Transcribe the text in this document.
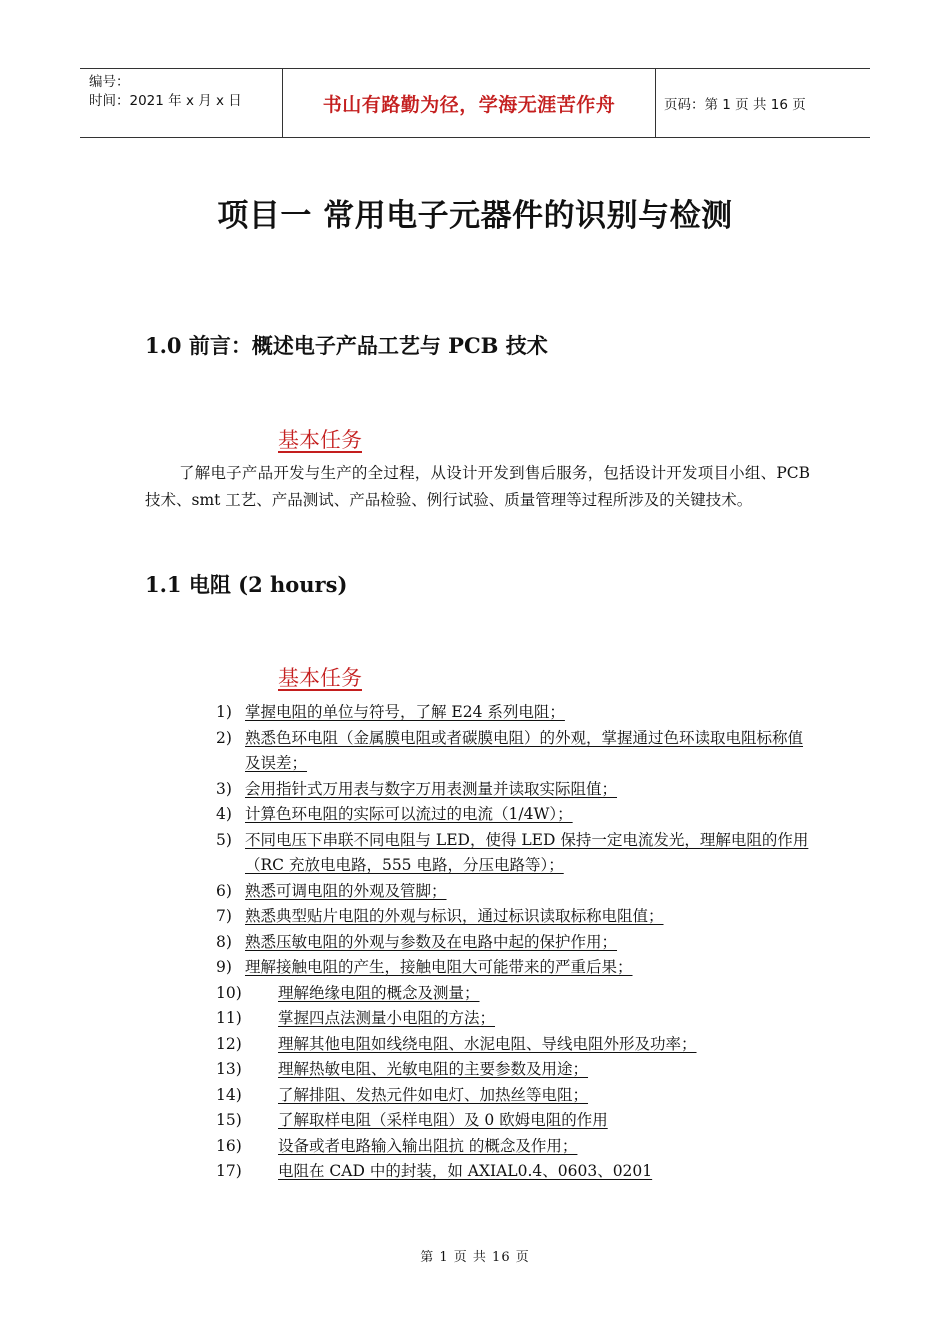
编号：
时间：2021 年 x 月 x 日	书山有路勤为径，学海无涯苦作舟	页码：第 1 页 共 16 页
项目一 常用电子元器件的识别与检测
1.0 前言：概述电子产品工艺与 PCB 技术
基本任务
了解电子产品开发与生产的全过程，从设计开发到售后服务，包括设计开发项目小组、PCB 技术、smt 工艺、产品测试、产品检验、例行试验、质量管理等过程所涉及的关键技术。
1.1 电阻 (2 hours)
基本任务
1) 掌握电阻的单位与符号，了解 E24 系列电阻；
2) 熟悉色环电阻（金属膜电阻或者碳膜电阻）的外观，掌握通过色环读取电阻标称值及误差；
3) 会用指针式万用表与数字万用表测量并读取实际阻值；
4) 计算色环电阻的实际可以流过的电流（1/4W）；
5) 不同电压下串联不同电阻与 LED，使得 LED 保持一定电流发光，理解电阻的作用（RC 充放电电路，555 电路，分压电路等）；
6) 熟悉可调电阻的外观及管脚；
7) 熟悉典型贴片电阻的外观与标识，通过标识读取标称电阻值；
8) 熟悉压敏电阻的外观与参数及在电路中起的保护作用；
9) 理解接触电阻的产生，接触电阻大可能带来的严重后果；
10) 理解绝缘电阻的概念及测量；
11) 掌握四点法测量小电阻的方法；
12) 理解其他电阻如线绕电阻、水泥电阻、导线电阻外形及功率；
13) 理解热敏电阻、光敏电阻的主要参数及用途；
14) 了解排阻、发热元件如电灯、加热丝等电阻；
15) 了解取样电阻（采样电阻）及 0 欧姆电阻的作用
16) 设备或者电路输入输出阻抗 的概念及作用；
17) 电阻在 CAD 中的封装，如 AXIAL0.4、0603、0201
第 1 页 共 16 页
